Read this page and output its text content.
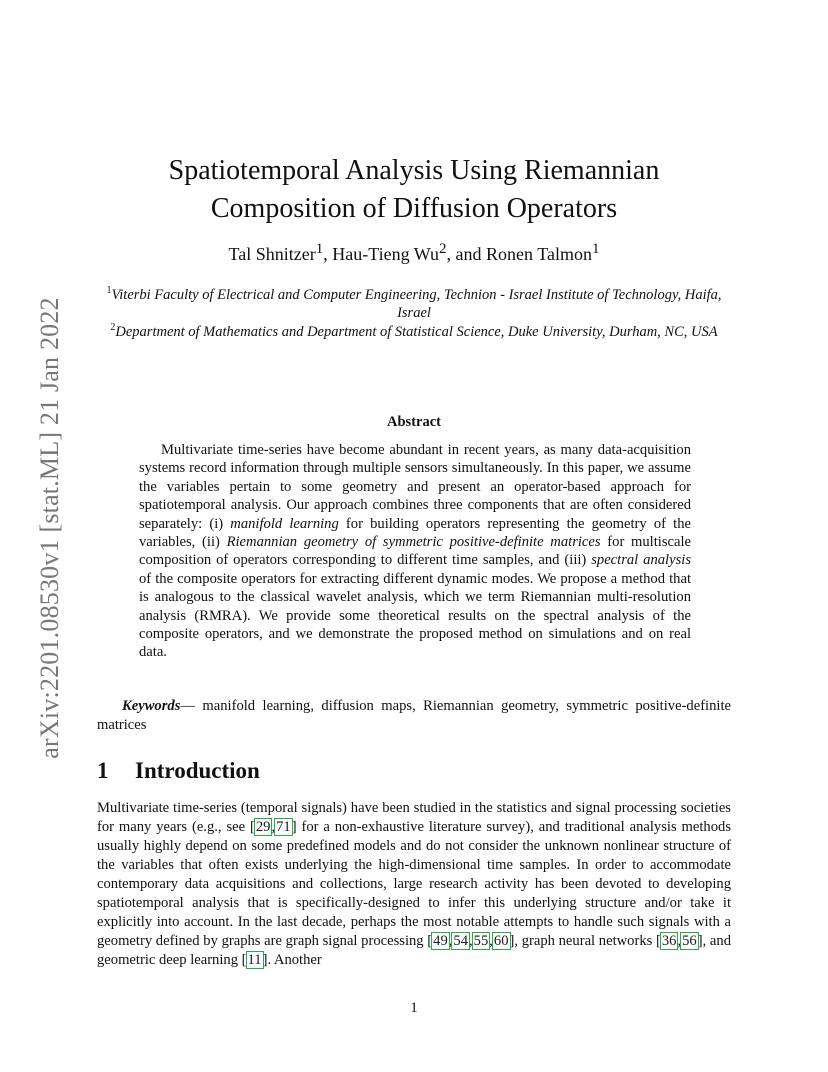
arXiv:2201.08530v1 [stat.ML] 21 Jan 2022
Spatiotemporal Analysis Using Riemannian
Composition of Diffusion Operators
Tal Shnitzer$^1$, Hau-Tieng Wu$^2$, and Ronen Talmon$^1$
$^1$Viterbi Faculty of Electrical and Computer Engineering, Technion - Israel Institute of Technology, Haifa, Israel
$^2$Department of Mathematics and Department of Statistical Science, Duke University, Durham, NC, USA
Abstract

Multivariate time-series have become abundant in recent years, as many data-acquisition systems record information through multiple sensors simultaneously. In this paper, we assume the variables pertain to some geometry and present an operator-based approach for spatiotemporal analysis. Our approach combines three components that are often considered separately: (i) manifold learning for building operators representing the geometry of the variables, (ii) Riemannian geometry of symmetric positive-definite matrices for multiscale composition of operators corresponding to different time samples, and (iii) spectral analysis of the composite operators for extracting different dynamic modes. We propose a method that is analogous to the classical wavelet analysis, which we term Riemannian multi-resolution analysis (RMRA). We provide some theoretical results on the spectral analysis of the composite operators, and we demonstrate the proposed method on simulations and on real data.

Keywords— manifold learning, diffusion maps, Riemannian geometry, symmetric positive-definite matrices

1 Introduction

Multivariate time-series (temporal signals) have been studied in the statistics and signal processing societies for many years (e.g., see [29,71] for a non-exhaustive literature survey), and traditional analysis methods usually highly depend on some predefined models and do not consider the unknown nonlinear structure of the variables that often exists underlying the high-dimensional time samples. In order to accommodate contemporary data acquisitions and collections, large research activity has been devoted to developing spatiotemporal analysis that is specifically-designed to infer this underlying structure and/or take it explicitly into account. In the last decade, perhaps the most notable attempts to handle such signals with a geometry defined by graphs are graph signal processing [49,54,55,60], graph neural networks [36,56], and geometric deep learning [11]. Another

1
